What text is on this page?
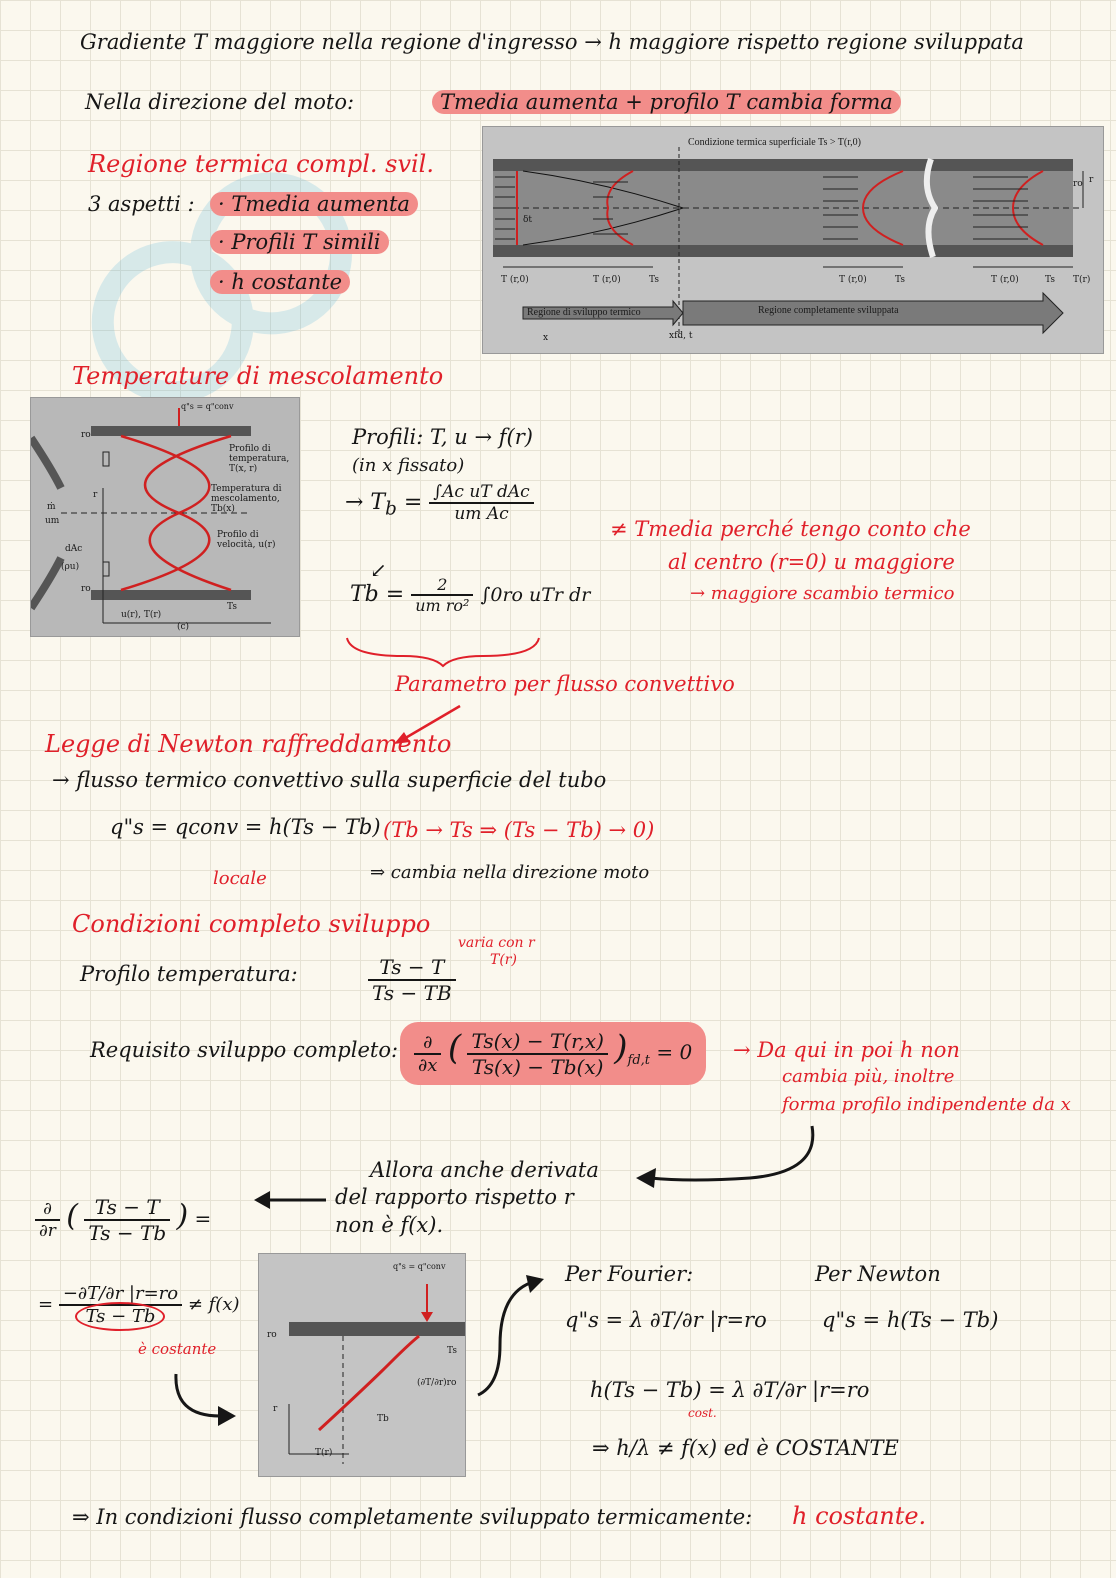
Gradiente T maggiore nella regione d'ingresso → h maggiore rispetto regione sviluppata
Nella direzione del moto:	Tmedia aumenta + profilo T cambia forma
Regione termica compl. svil.
3 aspetti :	· Tmedia aumenta
· Profili T simili
· h costante
Condizione termica superficiale Ts > T(r,0)
δt
ro r
T (r,0)	T (r,0)	Ts	T (r,0)	Ts	T (r,0)	Ts T(r)
Regione di sviluppo termico	Regione completamente sviluppata
x	xfd, t
Temperature di mescolamento
q"s = q"conv
Profilo di temperatura, T(x, r)
Temperatura di mescolamento, Tb(x)
Profilo di velocità, u(r)
ro
ro
r
ṁ
um
dAc
(ρu)
Ts
u(r), T(r)
(c)
Profili: T, u → f(r)
(in x fissato)
→ $T_b = \frac{\text{∫Ac uT dAc}}{\text{um Ac}}$
$Tb = \frac{2}{\text{um ro²}} \int 0ro$ uTr dr
↙
≠ Tmedia perché tengo conto che
al centro (r=0) u maggiore
→ maggiore scambio termico
Parametro per flusso convettivo
Legge di Newton raffreddamento
→ flusso termico convettivo sulla superficie del tubo
q"s = qconv = h(Ts − Tb)
locale
(Tb → Ts ⇒ (Ts − Tb) → 0)
⇒ cambia nella direzione moto
Condizioni completo sviluppo
Profilo temperatura:	$\frac{Ts - T}{Ts - TB}$
varia con r
T(r)
Requisito sviluppo completo: $\frac{\partial}{\partial x}$ ( $\frac{Ts(x) - T(r,x)}{Ts(x) - Tb(x)} )_{fd,t} = 0$	→ Da qui in poi h non
cambia più, inoltre
forma profilo indipendente da x
Allora anche derivata
del rapporto rispetto r
non è f(x).
$\frac{\partial}{\partial r}$ ( $\frac{Ts - T}{Ts - Tb}$ ) =
= $\frac{-\partial T/\partial r |r=ro}{Ts - Tb} \ne f(x)$
è costante
q"s = q"conv
ro
Ts
(∂T/∂r)ro
Tb
r
T(r)
Per Fourier:
q"s = λ ∂T/∂r |r=ro
Per Newton
q"s = h(Ts − Tb)
h(Ts − Tb) = λ ∂T/∂r |r=ro
cost.
⇒ h/λ ≠ f(x) ed è COSTANTE
⇒ In condizioni flusso completamente sviluppato termicamente: h costante.
